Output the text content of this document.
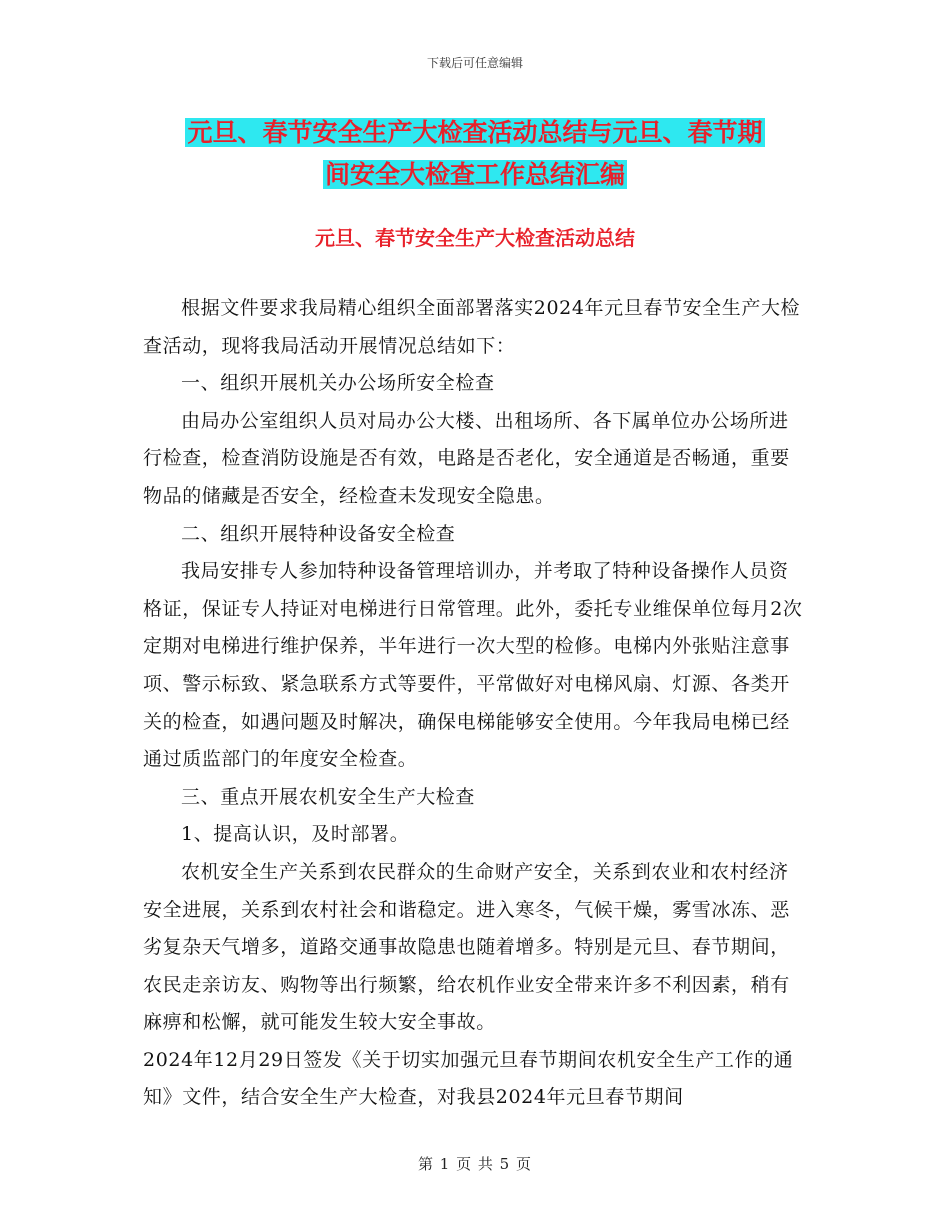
下载后可任意编辑
元旦、春节安全生产大检查活动总结与元旦、春节期
间安全大检查工作总结汇编
元旦、春节安全生产大检查活动总结

根据文件要求我局精心组织全面部署落实2024年元旦春节安全生产大检查活动，现将我局活动开展情况总结如下：

一、组织开展机关办公场所安全检查

由局办公室组织人员对局办公大楼、出租场所、各下属单位办公场所进行检查，检查消防设施是否有效，电路是否老化，安全通道是否畅通，重要物品的储藏是否安全，经检查未发现安全隐患。

二、组织开展特种设备安全检查

我局安排专人参加特种设备管理培训办，并考取了特种设备操作人员资格证，保证专人持证对电梯进行日常管理。此外，委托专业维保单位每月2次定期对电梯进行维护保养，半年进行一次大型的检修。电梯内外张贴注意事项、警示标致、紧急联系方式等要件，平常做好对电梯风扇、灯源、各类开关的检查，如遇问题及时解决，确保电梯能够安全使用。今年我局电梯已经通过质监部门的年度安全检查。

三、重点开展农机安全生产大检查

1、提高认识，及时部署。

农机安全生产关系到农民群众的生命财产安全，关系到农业和农村经济安全进展，关系到农村社会和谐稳定。进入寒冬，气候干燥，雾雪冰冻、恶劣复杂天气增多，道路交通事故隐患也随着增多。特别是元旦、春节期间，农民走亲访友、购物等出行频繁，给农机作业安全带来许多不利因素，稍有麻痹和松懈，就可能发生较大安全事故。

2024年12月29日签发《关于切实加强元旦春节期间农机安全生产工作的通知》文件，结合安全生产大检查，对我县2024年元旦春节期间

第 1 页 共 5 页
